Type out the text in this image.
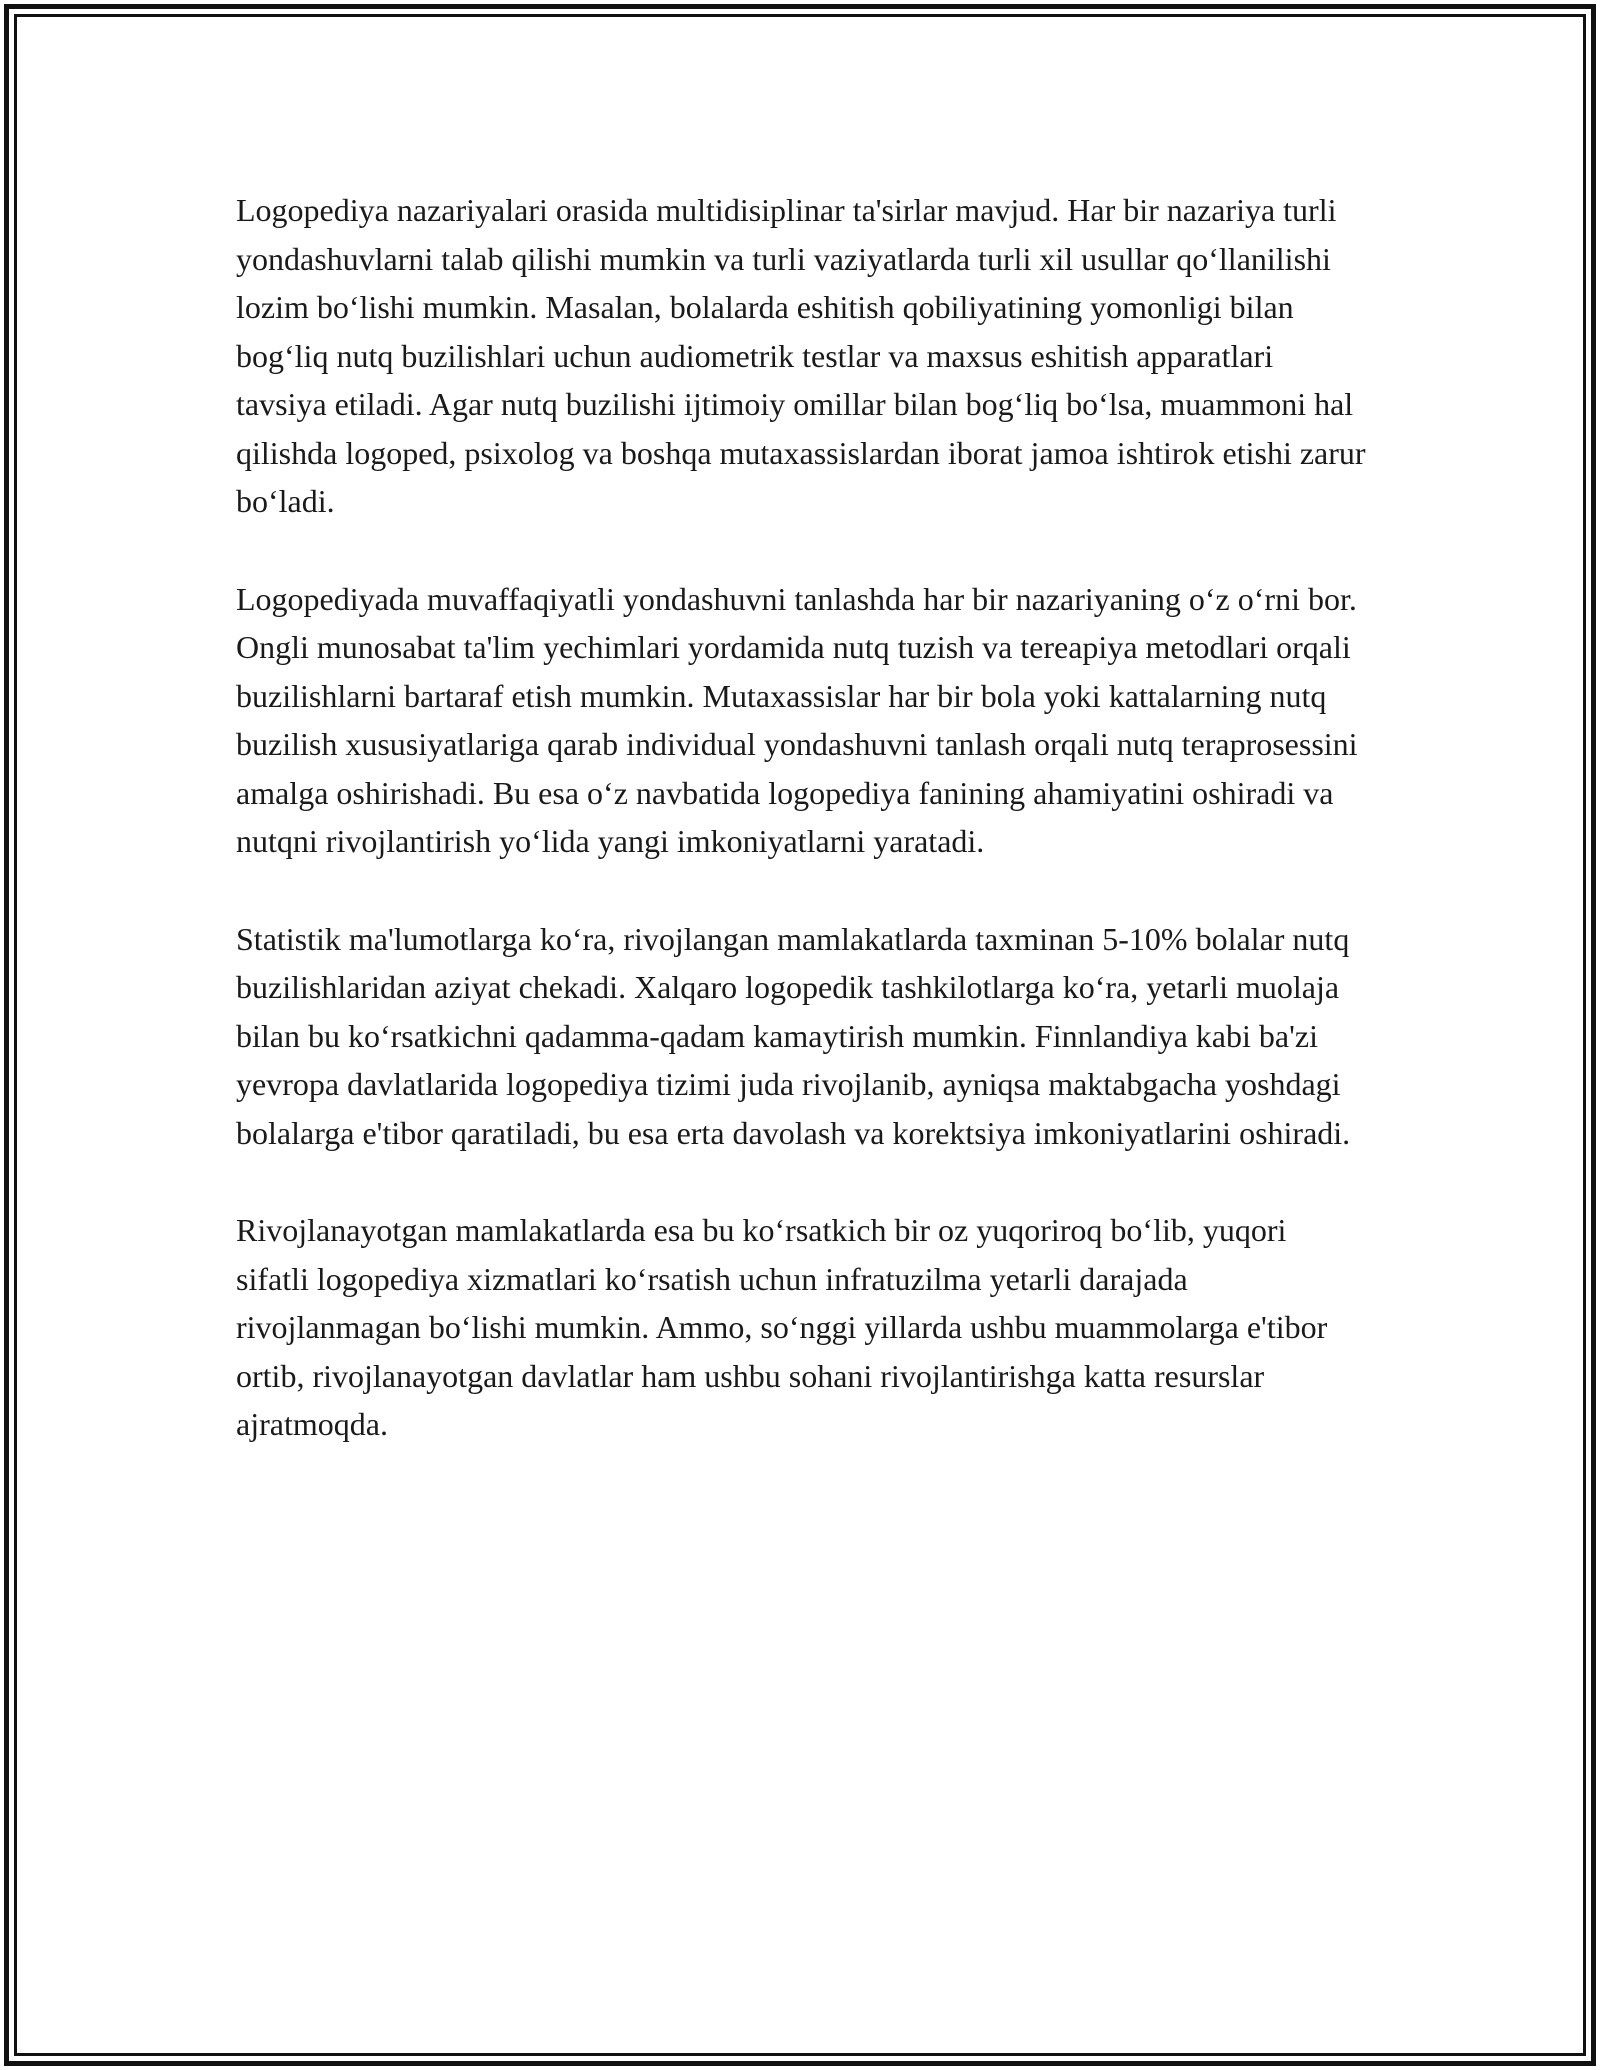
Logopediya nazariyalari orasida multidisiplinar ta'sirlar mavjud. Har bir nazariya turli yondashuvlarni talab qilishi mumkin va turli vaziyatlarda turli xil usullar qo‘llanilishi lozim bo‘lishi mumkin. Masalan, bolalarda eshitish qobiliyatining yomonligi bilan bog‘liq nutq buzilishlari uchun audiometrik testlar va maxsus eshitish apparatlari tavsiya etiladi. Agar nutq buzilishi ijtimoiy omillar bilan bog‘liq bo‘lsa, muammoni hal qilishda logoped, psixolog va boshqa mutaxassislardan iborat jamoa ishtirok etishi zarur bo‘ladi.

Logopediyada muvaffaqiyatli yondashuvni tanlashda har bir nazariyaning o‘z o‘rni bor. Ongli munosabat ta'lim yechimlari yordamida nutq tuzish va tereapiya metodlari orqali buzilishlarni bartaraf etish mumkin. Mutaxassislar har bir bola yoki kattalarning nutq buzilish xususiyatlariga qarab individual yondashuvni tanlash orqali nutq teraprosessini amalga oshirishadi. Bu esa o‘z navbatida logopediya fanining ahamiyatini oshiradi va nutqni rivojlantirish yo‘lida yangi imkoniyatlarni yaratadi.

Statistik ma'lumotlarga ko‘ra, rivojlangan mamlakatlarda taxminan 5-10% bolalar nutq buzilishlaridan aziyat chekadi. Xalqaro logopedik tashkilotlarga ko‘ra, yetarli muolaja bilan bu ko‘rsatkichni qadamma-qadam kamaytirish mumkin. Finnlandiya kabi ba'zi yevropa davlatlarida logopediya tizimi juda rivojlanib, ayniqsa maktabgacha yoshdagi bolalarga e'tibor qaratiladi, bu esa erta davolash va korektsiya imkoniyatlarini oshiradi.

Rivojlanayotgan mamlakatlarda esa bu ko‘rsatkich bir oz yuqoriroq bo‘lib, yuqori sifatli logopediya xizmatlari ko‘rsatish uchun infratuzilma yetarli darajada rivojlanmagan bo‘lishi mumkin. Ammo, so‘nggi yillarda ushbu muammolarga e'tibor ortib, rivojlanayotgan davlatlar ham ushbu sohani rivojlantirishga katta resurslar ajratmoqda.
